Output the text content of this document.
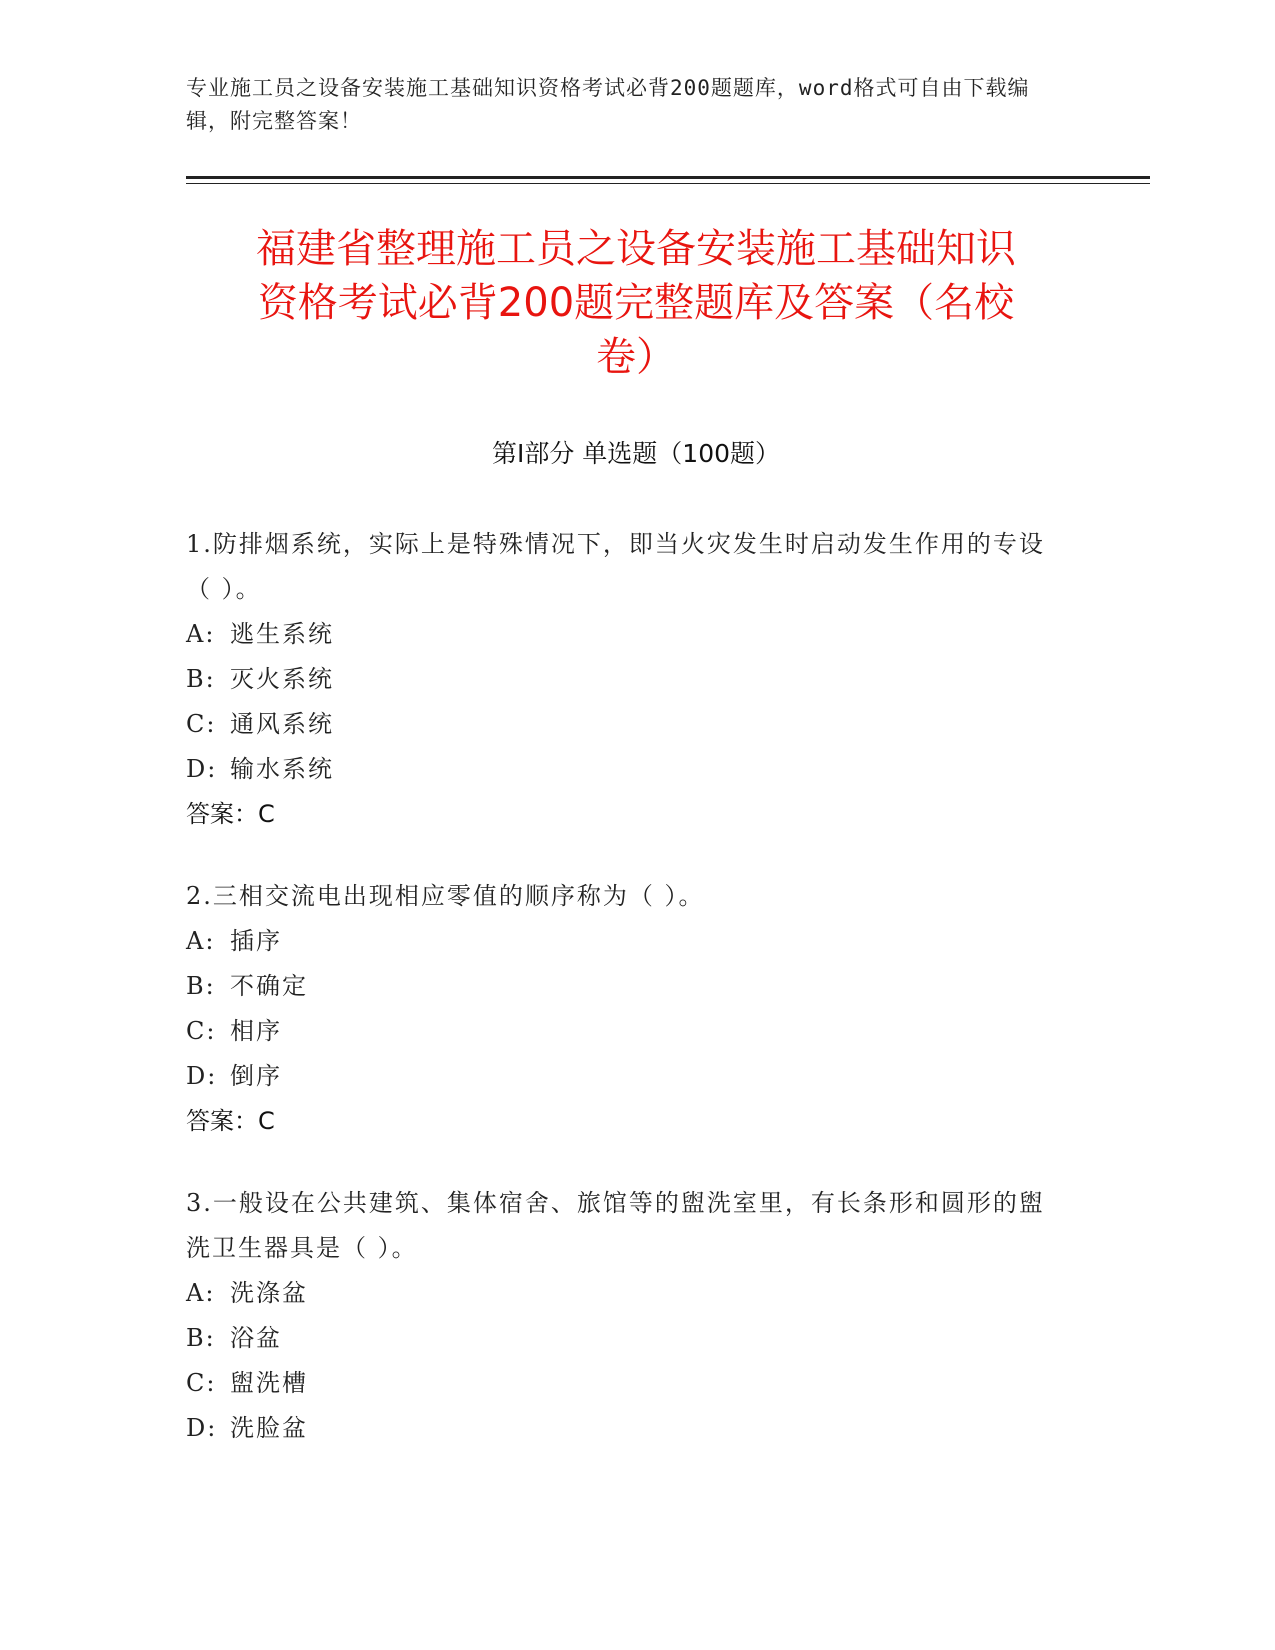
专业施工员之设备安装施工基础知识资格考试必背200题题库，word格式可自由下载编辑，附完整答案！
福建省整理施工员之设备安装施工基础知识
资格考试必背200题完整题库及答案（名校
卷）
第Ⅰ部分 单选题（100题）

1.防排烟系统，实际上是特殊情况下，即当火灾发生时启动发生作用的专设（ ）。

A: 逃生系统

B: 灭火系统

C: 通风系统

D: 输水系统

答案：C

2.三相交流电出现相应零值的顺序称为（ ）。

A: 插序

B: 不确定

C: 相序

D: 倒序

答案：C

3.一般设在公共建筑、集体宿舍、旅馆等的盥洗室里，有长条形和圆形的盥洗卫生器具是（ ）。

A: 洗涤盆

B: 浴盆

C: 盥洗槽

D: 洗脸盆
